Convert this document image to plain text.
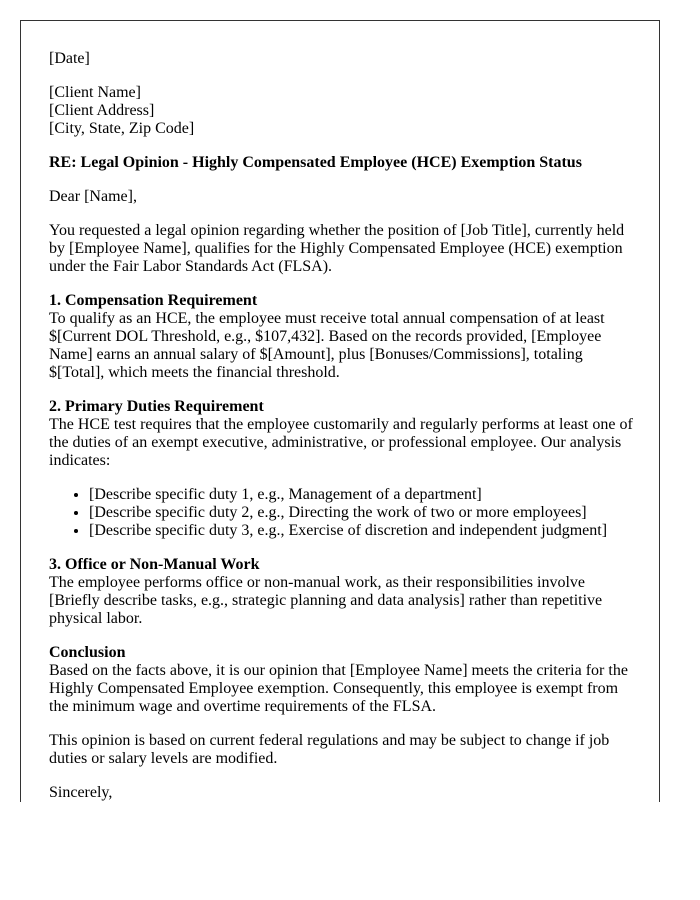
[Date]

[Client Name]
[Client Address]
[City, State, Zip Code]

RE: Legal Opinion - Highly Compensated Employee (HCE) Exemption Status

Dear [Name],

You requested a legal opinion regarding whether the position of [Job Title], currently held by [Employee Name], qualifies for the Highly Compensated Employee (HCE) exemption under the Fair Labor Standards Act (FLSA).

1. Compensation Requirement
To qualify as an HCE, the employee must receive total annual compensation of at least $[Current DOL Threshold, e.g., $107,432]. Based on the records provided, [Employee Name] earns an annual salary of $[Amount], plus [Bonuses/Commissions], totaling $[Total], which meets the financial threshold.

2. Primary Duties Requirement
The HCE test requires that the employee customarily and regularly performs at least one of the duties of an exempt executive, administrative, or professional employee. Our analysis indicates:

• [Describe specific duty 1, e.g., Management of a department]
• [Describe specific duty 2, e.g., Directing the work of two or more employees]
• [Describe specific duty 3, e.g., Exercise of discretion and independent judgment]

3. Office or Non-Manual Work
The employee performs office or non-manual work, as their responsibilities involve [Briefly describe tasks, e.g., strategic planning and data analysis] rather than repetitive physical labor.

Conclusion
Based on the facts above, it is our opinion that [Employee Name] meets the criteria for the Highly Compensated Employee exemption. Consequently, this employee is exempt from the minimum wage and overtime requirements of the FLSA.

This opinion is based on current federal regulations and may be subject to change if job duties or salary levels are modified.

Sincerely,
